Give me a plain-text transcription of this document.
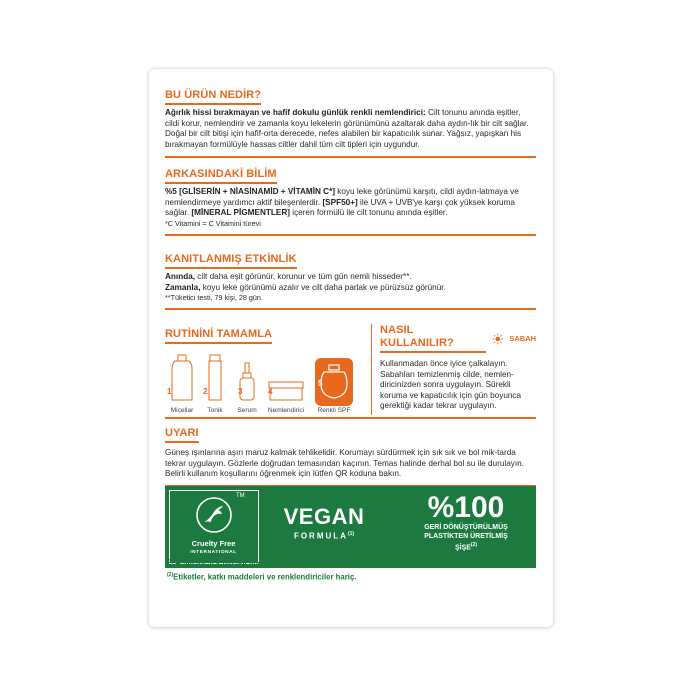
BU ÜRÜN NEDİR?
Ağırlık hissi bırakmayan ve hafif dokulu günlük renkli nemlendirici: Cilt tonunu anında eşitler, cildi korur, nemlendirir ve zamanla koyu lekelerin görünümünü azaltarak daha aydın-lık bir cilt sağlar. Doğal bir cilt bitişi için hafif-orta derecede, nefes alabilen bir kapatıcılık sunar. Yağsız, yapışkan his bırakmayan formülüyle hassas ciltler dahil tüm cilt tipleri için uygundur.
ARKASINDAKİ BİLİM
%5 [GLİSERİN + NİASİNAMİD + VİTAMİN C*] koyu leke görünümü karşıtı, cildi aydın-latmaya ve nemlendirmeye yardımcı aktif bileşenlerdir. [SPF50+] ile UVA + UVB'ye karşı çok yüksek koruma sağlar. [MİNERAL PİGMENTLER] içeren formülü ile cilt tonunu anında eşitler.
*C Vitamini = C Vitamini türevi
KANITLANMIŞ ETKİNLİK
Anında, cilt daha eşit görünür, korunur ve tüm gün nemli hisseder**.
Zamanla, koyu leke görünümü azalır ve cilt daha parlak ve pürüzsüz görünür.
**Tüketici testi, 79 kişi, 28 gün.
RUTİNİNİ TAMAMLA
Micellar
1
Tonik
2
Serum
3
Nemlendirici
4
Renkli SPF
5
NASIL KULLANILIR?	SABAH
Kullanmadan önce iyice çalkalayın. Sabahları temizlenmiş cilde, nemlen-diricinizden sonra uygulayın. Sürekli koruma ve kapatıcılık için gün boyunca gerektiği kadar tekrar uygulayın.
UYARI
Güneş ışınlarına aşırı maruz kalmak tehlikelidir. Korumayı sürdürmek için sık sık ve bol mik-tarda tekrar uygulayın. Gözlerle doğrudan temasından kaçının. Temas halinde derhal bol su ile durulayın. Belirli kullanım koşullarını öğrenmek için lütfen QR koduna bakın.
TM
Cruelty Free
INTERNATIONAL
VEGAN
FORMULA$^{(1)}$
%100
GERİ DÖNÜŞTÜRÜLMÜŞ
PLASTİKTEN ÜRETİLMİŞ
ŞİŞE$^{(2)}$
$^{(1)}$ Hayvansal kaynaklı veya türevi bileşenler içermez.
$^{(2)}$Etiketler, katkı maddeleri ve renklendiriciler hariç.
